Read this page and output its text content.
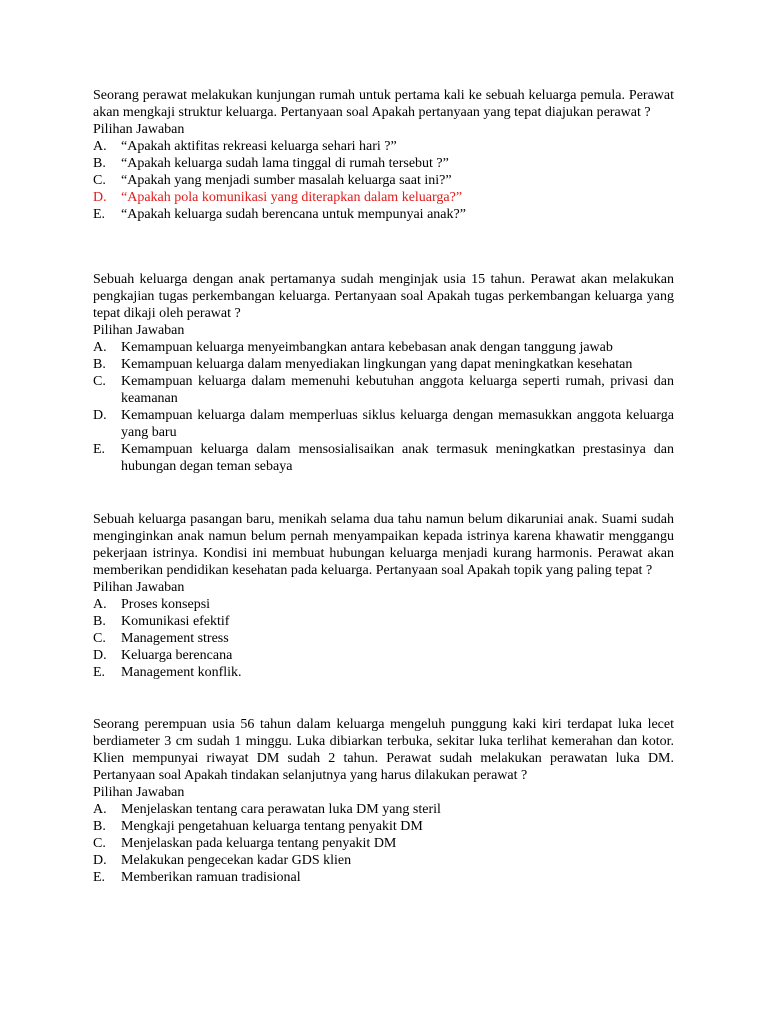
Seorang perawat melakukan kunjungan rumah untuk pertama kali ke sebuah keluarga pemula. Perawat akan mengkaji struktur keluarga. Pertanyaan soal Apakah pertanyaan yang tepat diajukan perawat ?

Pilihan Jawaban

A.	“Apakah aktifitas rekreasi keluarga sehari hari ?”
B.	“Apakah keluarga sudah lama tinggal di rumah tersebut ?”
C.	“Apakah yang menjadi sumber masalah keluarga saat ini?”
D.	“Apakah pola komunikasi yang diterapkan dalam keluarga?”
E.	“Apakah keluarga sudah berencana untuk mempunyai anak?”

Sebuah keluarga dengan anak pertamanya sudah menginjak usia 15 tahun. Perawat akan melakukan pengkajian tugas perkembangan keluarga. Pertanyaan soal Apakah tugas perkembangan keluarga yang tepat dikaji oleh perawat ?

Pilihan Jawaban

A.	Kemampuan keluarga menyeimbangkan antara kebebasan anak dengan tanggung jawab
B.	Kemampuan keluarga dalam menyediakan lingkungan yang dapat meningkatkan kesehatan
C.	Kemampuan keluarga dalam memenuhi kebutuhan anggota keluarga seperti rumah, privasi dan keamanan
D.	Kemampuan keluarga dalam memperluas siklus keluarga dengan memasukkan anggota keluarga yang baru
E.	Kemampuan keluarga dalam mensosialisaikan anak termasuk meningkatkan prestasinya dan hubungan degan teman sebaya

Sebuah keluarga pasangan baru, menikah selama dua tahu namun belum dikaruniai anak. Suami sudah menginginkan anak namun belum pernah menyampaikan kepada istrinya karena khawatir menggangu pekerjaan istrinya. Kondisi ini membuat hubungan keluarga menjadi kurang harmonis. Perawat akan memberikan pendidikan kesehatan pada keluarga. Pertanyaan soal Apakah topik yang paling tepat ?

Pilihan Jawaban

A.	Proses konsepsi
B.	Komunikasi efektif
C.	Management stress
D.	Keluarga berencana
E.	Management konflik.

Seorang perempuan usia 56 tahun dalam keluarga mengeluh punggung kaki kiri terdapat luka lecet berdiameter 3 cm sudah 1 minggu. Luka dibiarkan terbuka, sekitar luka terlihat kemerahan dan kotor. Klien mempunyai riwayat DM sudah 2 tahun. Perawat sudah melakukan perawatan luka DM. Pertanyaan soal Apakah tindakan selanjutnya yang harus dilakukan perawat ?

Pilihan Jawaban

A.	Menjelaskan tentang cara perawatan luka DM yang steril
B.	Mengkaji pengetahuan keluarga tentang penyakit DM
C.	Menjelaskan pada keluarga tentang penyakit DM
D.	Melakukan pengecekan kadar GDS klien
E.	Memberikan ramuan tradisional
